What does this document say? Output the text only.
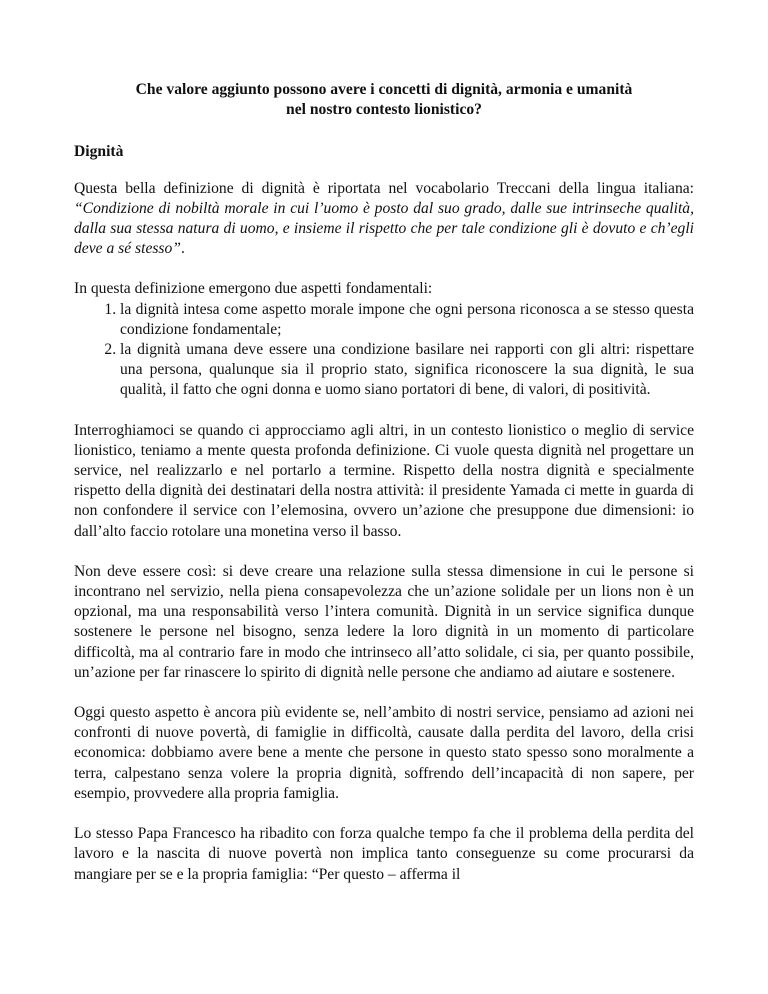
Che valore aggiunto possono avere i concetti di dignità, armonia e umanità
nel nostro contesto lionistico?
Dignità

Questa bella definizione di dignità è riportata nel vocabolario Treccani della lingua italiana: “Condizione di nobiltà morale in cui l’uomo è posto dal suo grado, dalle sue intrinseche qualità, dalla sua stessa natura di uomo, e insieme il rispetto che per tale condizione gli è dovuto e ch’egli deve a sé stesso”.

In questa definizione emergono due aspetti fondamentali:

1. la dignità intesa come aspetto morale impone che ogni persona riconosca a se stesso questa condizione fondamentale;
2. la dignità umana deve essere una condizione basilare nei rapporti con gli altri: rispettare una persona, qualunque sia il proprio stato, significa riconoscere la sua dignità, le sua qualità, il fatto che ogni donna e uomo siano portatori di bene, di valori, di positività.

Interroghiamoci se quando ci approcciamo agli altri, in un contesto lionistico o meglio di service lionistico, teniamo a mente questa profonda definizione. Ci vuole questa dignità nel progettare un service, nel realizzarlo e nel portarlo a termine. Rispetto della nostra dignità e specialmente rispetto della dignità dei destinatari della nostra attività: il presidente Yamada ci mette in guarda di non confondere il service con l’elemosina, ovvero un’azione che presuppone due dimensioni: io dall’alto faccio rotolare una monetina verso il basso.

Non deve essere così: si deve creare una relazione sulla stessa dimensione in cui le persone si incontrano nel servizio, nella piena consapevolezza che un’azione solidale per un lions non è un opzional, ma una responsabilità verso l’intera comunità. Dignità in un service significa dunque sostenere le persone nel bisogno, senza ledere la loro dignità in un momento di particolare difficoltà, ma al contrario fare in modo che intrinseco all’atto solidale, ci sia, per quanto possibile, un’azione per far rinascere lo spirito di dignità nelle persone che andiamo ad aiutare e sostenere.

Oggi questo aspetto è ancora più evidente se, nell’ambito di nostri service, pensiamo ad azioni nei confronti di nuove povertà, di famiglie in difficoltà, causate dalla perdita del lavoro, della crisi economica: dobbiamo avere bene a mente che persone in questo stato spesso sono moralmente a terra, calpestano senza volere la propria dignità, soffrendo dell’incapacità di non sapere, per esempio, provvedere alla propria famiglia.

Lo stesso Papa Francesco ha ribadito con forza qualche tempo fa che il problema della perdita del lavoro e la nascita di nuove povertà non implica tanto conseguenze su come procurarsi da mangiare per se e la propria famiglia: “Per questo – afferma il
